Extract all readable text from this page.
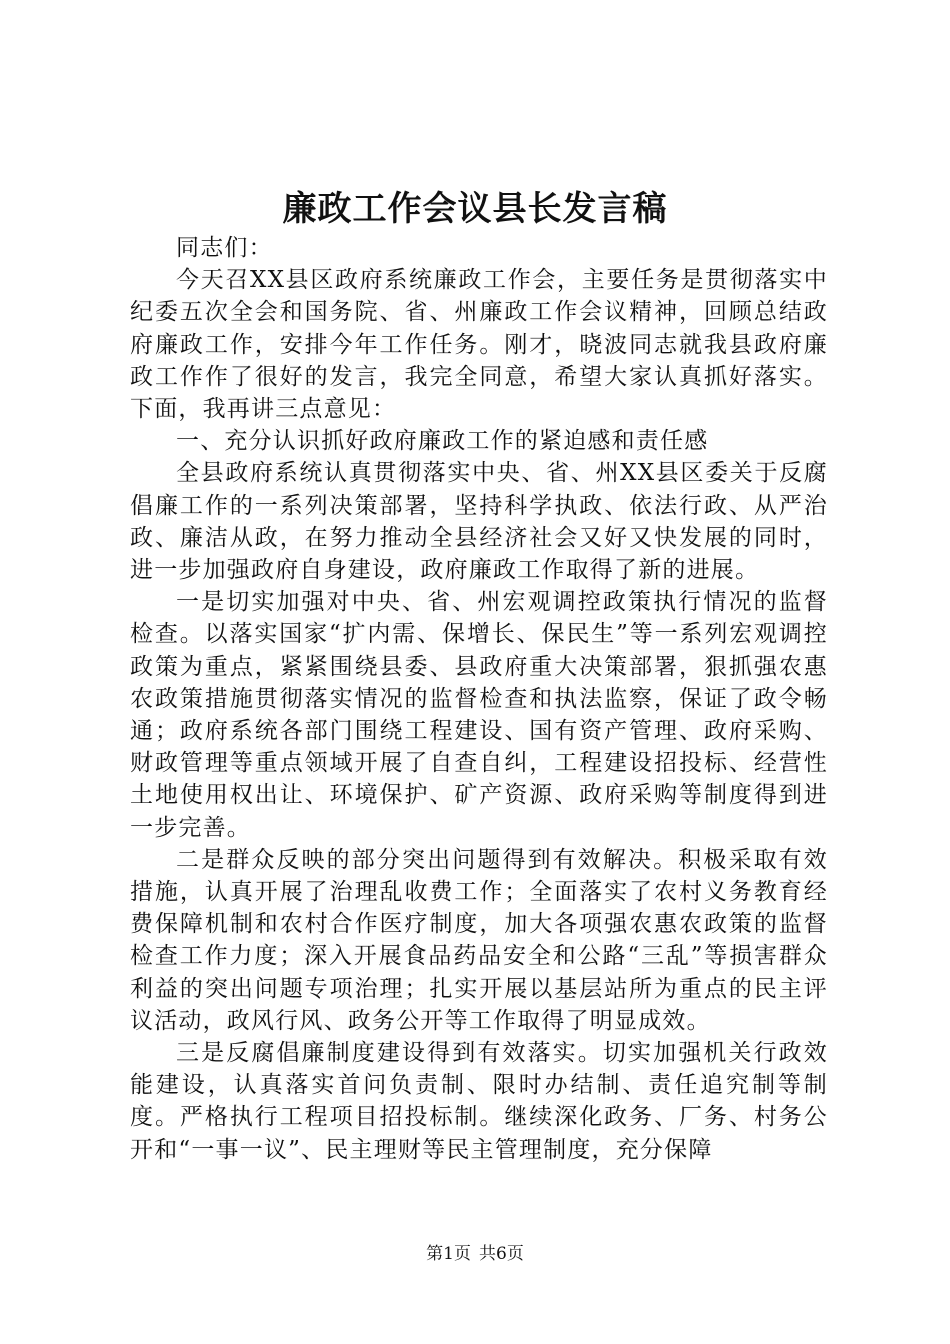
廉政工作会议县长发言稿

同志们：

今天召XX县区政府系统廉政工作会，主要任务是贯彻落实中纪委五次全会和国务院、省、州廉政工作会议精神，回顾总结政府廉政工作，安排今年工作任务。刚才，晓波同志就我县政府廉政工作作了很好的发言，我完全同意，希望大家认真抓好落实。下面，我再讲三点意见：

一、充分认识抓好政府廉政工作的紧迫感和责任感

全县政府系统认真贯彻落实中央、省、州XX县区委关于反腐倡廉工作的一系列决策部署，坚持科学执政、依法行政、从严治政、廉洁从政，在努力推动全县经济社会又好又快发展的同时，进一步加强政府自身建设，政府廉政工作取得了新的进展。

一是切实加强对中央、省、州宏观调控政策执行情况的监督检查。以落实国家“扩内需、保增长、保民生”等一系列宏观调控政策为重点，紧紧围绕县委、县政府重大决策部署，狠抓强农惠农政策措施贯彻落实情况的监督检查和执法监察，保证了政令畅通；政府系统各部门围绕工程建设、国有资产管理、政府采购、财政管理等重点领域开展了自查自纠，工程建设招投标、经营性土地使用权出让、环境保护、矿产资源、政府采购等制度得到进一步完善。

二是群众反映的部分突出问题得到有效解决。积极采取有效措施，认真开展了治理乱收费工作；全面落实了农村义务教育经费保障机制和农村合作医疗制度，加大各项强农惠农政策的监督检查工作力度；深入开展食品药品安全和公路“三乱”等损害群众利益的突出问题专项治理；扎实开展以基层站所为重点的民主评议活动，政风行风、政务公开等工作取得了明显成效。

三是反腐倡廉制度建设得到有效落实。切实加强机关行政效能建设，认真落实首问负责制、限时办结制、责任追究制等制度。严格执行工程项目招投标制。继续深化政务、厂务、村务公开和“一事一议”、民主理财等民主管理制度，充分保障

第1页 共6页
